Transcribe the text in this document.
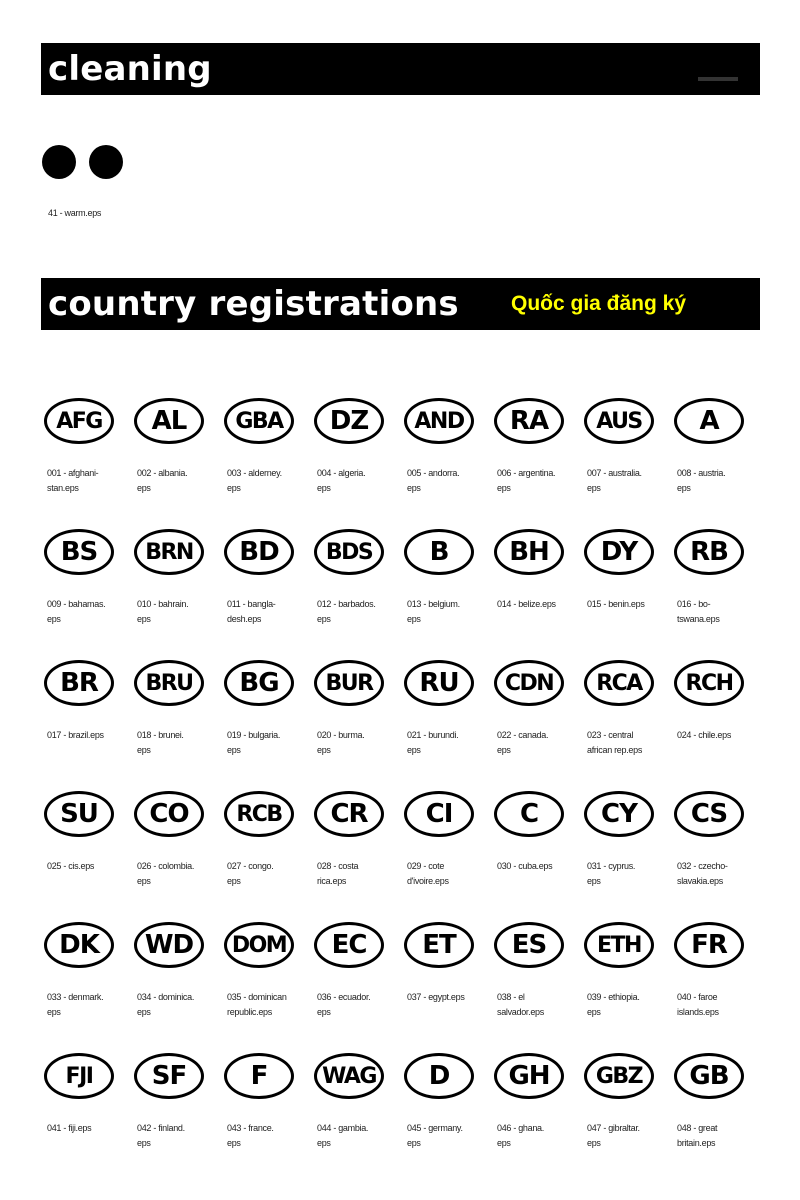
cleaning
41 - warm.eps
country registrations Quốc gia đăng ký
AFG
001 - afghani-
stan.eps
AL
002 - albania.
eps
GBA
003 - alderney.
eps
DZ
004 - algeria.
eps
AND
005 - andorra.
eps
RA
006 - argentina.
eps
AUS
007 - australia.
eps
A
008 - austria.
eps
BS
009 - bahamas.
eps
BRN
010 - bahrain.
eps
BD
011 - bangla-
desh.eps
BDS
012 - barbados.
eps
B
013 - belgium.
eps
BH
014 - belize.eps
DY
015 - benin.eps
RB
016 - bo-
tswana.eps
BR
017 - brazil.eps
BRU
018 - brunei.
eps
BG
019 - bulgaria.
eps
BUR
020 - burma.
eps
RU
021 - burundi.
eps
CDN
022 - canada.
eps
RCA
023 - central
african rep.eps
RCH
024 - chile.eps
SU
025 - cis.eps
CO
026 - colombia.
eps
RCB
027 - congo.
eps
CR
028 - costa
rica.eps
CI
029 - cote
d'ivoire.eps
C
030 - cuba.eps
CY
031 - cyprus.
eps
CS
032 - czecho-
slavakia.eps
DK
033 - denmark.
eps
WD
034 - dominica.
eps
DOM
035 - dominican
republic.eps
EC
036 - ecuador.
eps
ET
037 - egypt.eps
ES
038 - el
salvador.eps
ETH
039 - ethiopia.
eps
FR
040 - faroe
islands.eps
FJI
041 - fiji.eps
SF
042 - finland.
eps
F
043 - france.
eps
WAG
044 - gambia.
eps
D
045 - germany.
eps
GH
046 - ghana.
eps
GBZ
047 - gibraltar.
eps
GB
048 - great
britain.eps
